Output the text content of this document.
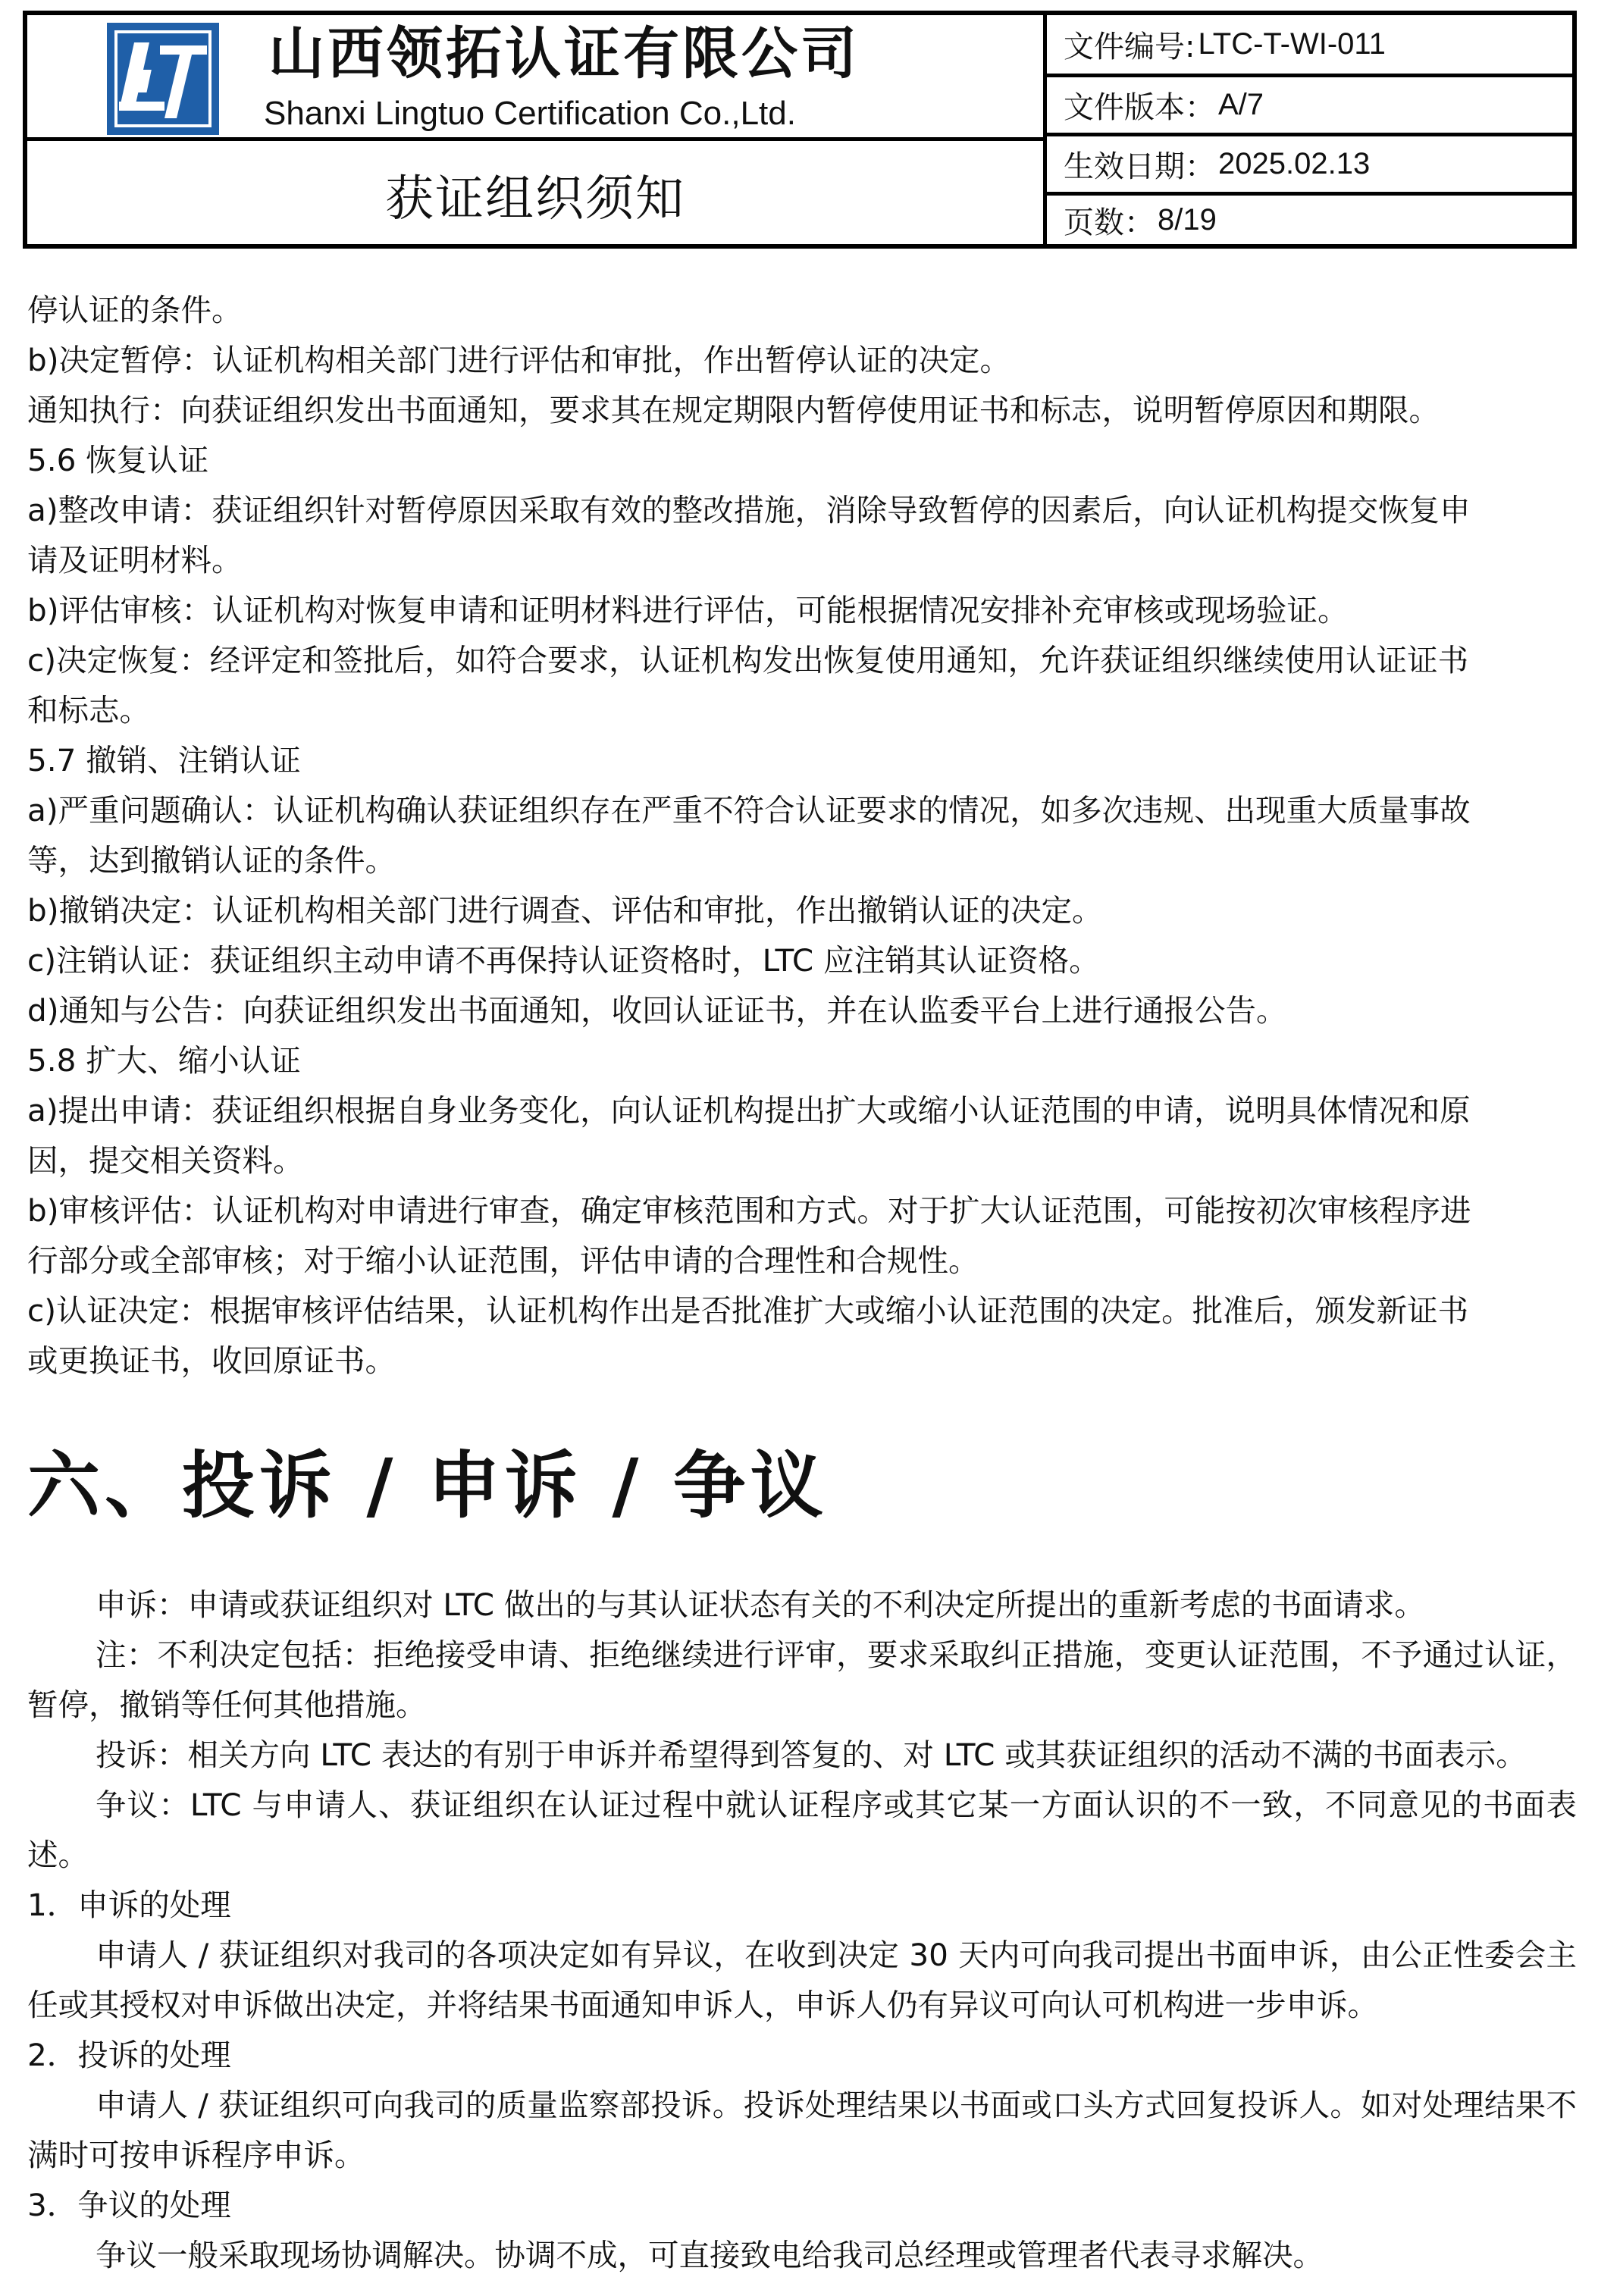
山西领拓认证有限公司
Shanxi Lingtuo Certification Co.,Ltd.
获证组织须知
文件编号: LTC-T-WI-011
文件版本： A/7
生效日期： 2025.02.13
页数： 8/19

停认证的条件。

b)决定暂停：认证机构相关部门进行评估和审批，作出暂停认证的决定。

通知执行：向获证组织发出书面通知，要求其在规定期限内暂停使用证书和标志，说明暂停原因和期限。

5.6 恢复认证

a)整改申请：获证组织针对暂停原因采取有效的整改措施，消除导致暂停的因素后，向认证机构提交恢复申

请及证明材料。

b)评估审核：认证机构对恢复申请和证明材料进行评估，可能根据情况安排补充审核或现场验证。

c)决定恢复：经评定和签批后，如符合要求，认证机构发出恢复使用通知，允许获证组织继续使用认证证书

和标志。

5.7 撤销、注销认证

a)严重问题确认：认证机构确认获证组织存在严重不符合认证要求的情况，如多次违规、出现重大质量事故

等，达到撤销认证的条件。

b)撤销决定：认证机构相关部门进行调查、评估和审批，作出撤销认证的决定。

c)注销认证：获证组织主动申请不再保持认证资格时，LTC 应注销其认证资格。

d)通知与公告：向获证组织发出书面通知，收回认证证书，并在认监委平台上进行通报公告。

5.8 扩大、缩小认证

a)提出申请：获证组织根据自身业务变化，向认证机构提出扩大或缩小认证范围的申请，说明具体情况和原

因，提交相关资料。

b)审核评估：认证机构对申请进行审查，确定审核范围和方式。对于扩大认证范围，可能按初次审核程序进

行部分或全部审核；对于缩小认证范围，评估申请的合理性和合规性。

c)认证决定：根据审核评估结果，认证机构作出是否批准扩大或缩小认证范围的决定。批准后，颁发新证书

或更换证书，收回原证书。

六、投诉 / 申诉 / 争议

申诉：申请或获证组织对 LTC 做出的与其认证状态有关的不利决定所提出的重新考虑的书面请求。

注：不利决定包括：拒绝接受申请、拒绝继续进行评审，要求采取纠正措施，变更认证范围，不予通过认证，暂停，撤销等任何其他措施。

投诉：相关方向 LTC 表达的有别于申诉并希望得到答复的、对 LTC 或其获证组织的活动不满的书面表示。

争议：LTC 与申请人、获证组织在认证过程中就认证程序或其它某一方面认识的不一致，不同意见的书面表述。

1．申诉的处理

申请人 / 获证组织对我司的各项决定如有异议，在收到决定 30 天内可向我司提出书面申诉，由公正性委会主任或其授权对申诉做出决定，并将结果书面通知申诉人，申诉人仍有异议可向认可机构进一步申诉。

2．投诉的处理

申请人 / 获证组织可向我司的质量监察部投诉。投诉处理结果以书面或口头方式回复投诉人。如对处理结果不满时可按申诉程序申诉。

3．争议的处理

争议一般采取现场协调解决。协调不成，可直接致电给我司总经理或管理者代表寻求解决。
